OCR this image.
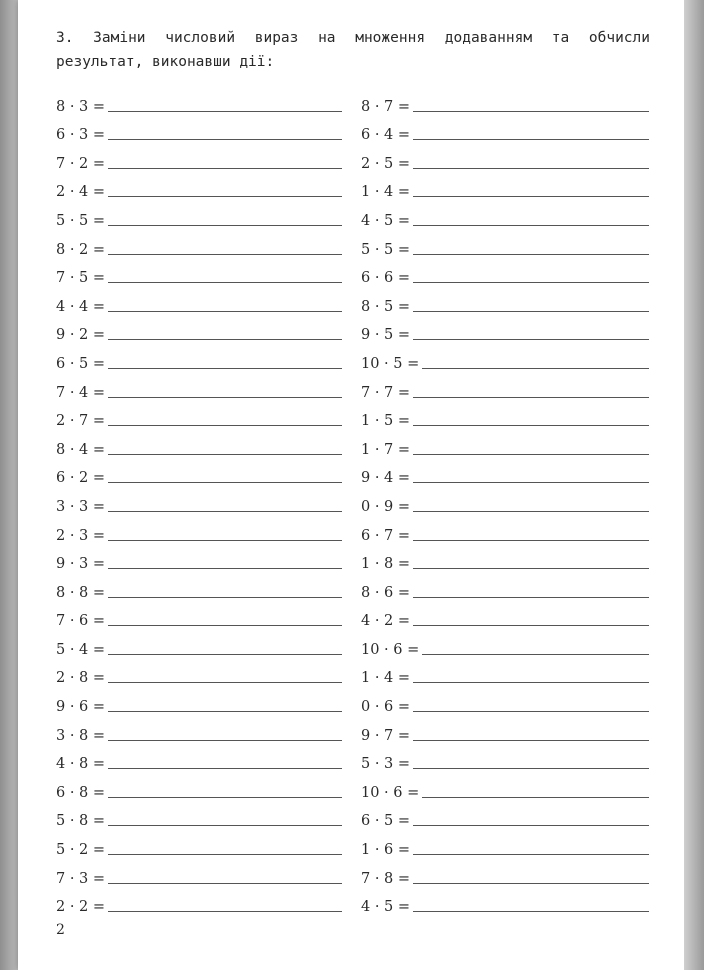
3. Заміни числовий вираз на множення додаванням та обчисли результат, виконавши дії:

8 · 3 =
6 · 3 =
7 · 2 =
2 · 4 =
5 · 5 =
8 · 2 =
7 · 5 =
4 · 4 =
9 · 2 =
6 · 5 =
7 · 4 =
2 · 7 =
8 · 4 =
6 · 2 =
3 · 3 =
2 · 3 =
9 · 3 =
8 · 8 =
7 · 6 =
5 · 4 =
2 · 8 =
9 · 6 =
3 · 8 =
4 · 8 =
6 · 8 =
5 · 8 =
5 · 2 =
7 · 3 =
2 · 2 =
8 · 7 =
6 · 4 =
2 · 5 =
1 · 4 =
4 · 5 =
5 · 5 =
6 · 6 =
8 · 5 =
9 · 5 =
10 · 5 =
7 · 7 =
1 · 5 =
1 · 7 =
9 · 4 =
0 · 9 =
6 · 7 =
1 · 8 =
8 · 6 =
4 · 2 =
10 · 6 =
1 · 4 =
0 · 6 =
9 · 7 =
5 · 3 =
10 · 6 =
6 · 5 =
1 · 6 =
7 · 8 =
4 · 5 =
2
